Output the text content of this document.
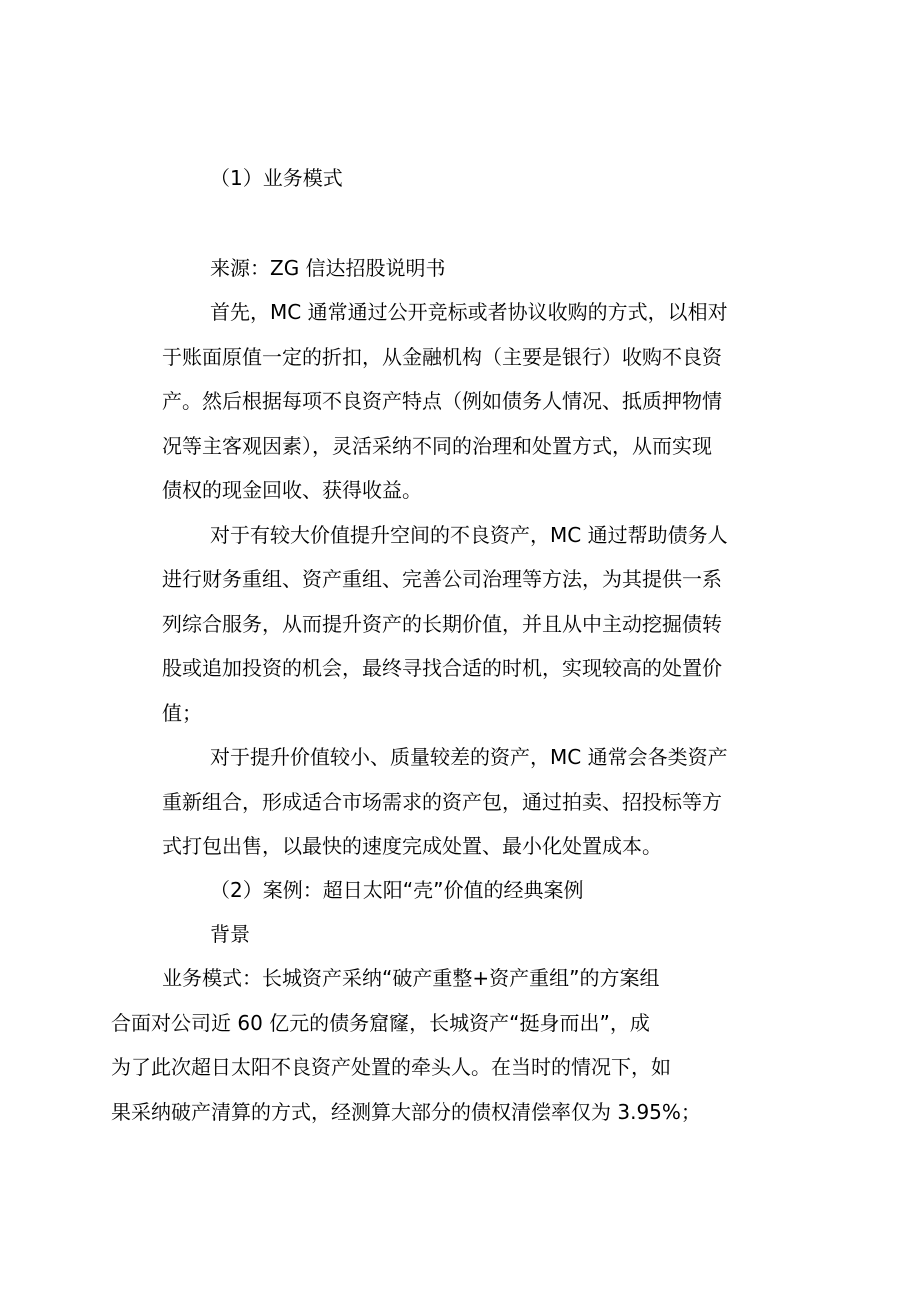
（1）业务模式
来源：ZG 信达招股说明书
首先，MC 通常通过公开竞标或者协议收购的方式，以相对
于账面原值一定的折扣，从金融机构（主要是银行）收购不良资
产。然后根据每项不良资产特点（例如债务人情况、抵质押物情
况等主客观因素），灵活采纳不同的治理和处置方式，从而实现
债权的现金回收、获得收益。
对于有较大价值提升空间的不良资产，MC 通过帮助债务人
进行财务重组、资产重组、完善公司治理等方法，为其提供一系
列综合服务，从而提升资产的长期价值，并且从中主动挖掘债转
股或追加投资的机会，最终寻找合适的时机，实现较高的处置价
值；
对于提升价值较小、质量较差的资产，MC 通常会各类资产
重新组合，形成适合市场需求的资产包，通过拍卖、招投标等方
式打包出售，以最快的速度完成处置、最小化处置成本。
（2）案例：超日太阳“壳”价值的经典案例
背景
业务模式：长城资产采纳“破产重整+资产重组”的方案组
合面对公司近 60 亿元的债务窟窿，长城资产“挺身而出”，成
为了此次超日太阳不良资产处置的牵头人。在当时的情况下，如
果采纳破产清算的方式，经测算大部分的债权清偿率仅为 3.95%；
